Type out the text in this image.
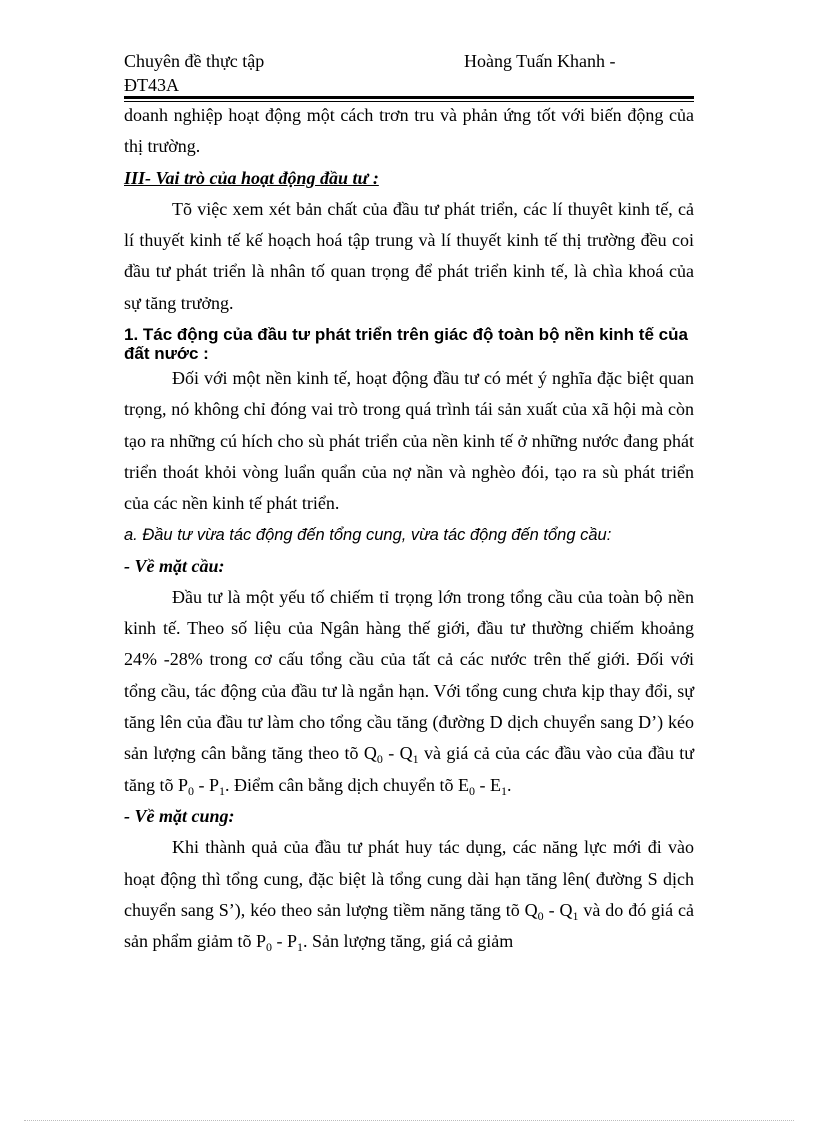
Chuyên đề thực tập	Hoàng Tuấn Khanh -
ĐT43A

doanh nghiệp hoạt động một cách trơn tru và phản ứng tốt với biến động của thị trường.

III- Vai trò của hoạt động đầu tư :

Tõ việc xem xét bản chất của đầu tư phát triển, các lí thuyêt kinh tế, cả lí thuyết kinh tế kế hoạch hoá tập trung và lí thuyết kinh tế thị trường đều coi đầu tư phát triển là nhân tố quan trọng để phát triển kinh tế, là chìa khoá của sự tăng trưởng.

1. Tác động của đầu tư phát triển trên giác độ toàn bộ nền kinh tế của đất nước :

Đối với một nền kinh tế, hoạt động đầu tư có mét ý nghĩa đặc biệt quan trọng, nó không chỉ đóng vai trò trong quá trình tái sản xuất của xã hội mà còn tạo ra những cú hích cho sù phát triển của nền kinh tế ở những nước đang phát triển thoát khỏi vòng luẩn quẩn của nợ nần và nghèo đói, tạo ra sù phát triển của các nền kinh tế phát triển.

a. Đầu tư vừa tác động đến tổng cung, vừa tác động đến tổng cầu:

- Về mặt cầu:

Đầu tư là một yếu tố chiếm tỉ trọng lớn trong tổng cầu của toàn bộ nền kinh tế. Theo số liệu của Ngân hàng thế giới, đầu tư thường chiếm khoảng 24% -28% trong cơ cấu tổng cầu của tất cả các nước trên thế giới. Đối với tổng cầu, tác động của đầu tư là ngắn hạn. Với tổng cung chưa kịp thay đổi, sự tăng lên của đầu tư làm cho tổng cầu tăng (đường D dịch chuyển sang D’) kéo sản lượng cân bằng tăng theo tõ $Q_0 - Q_1$ và giá cả của các đầu vào của đầu tư tăng tõ $P_0 - P_1$. Điểm cân bằng dịch chuyển tõ $E_0 - E_1$.

- Về mặt cung:

Khi thành quả của đầu tư phát huy tác dụng, các năng lực mới đi vào hoạt động thì tổng cung, đặc biệt là tổng cung dài hạn tăng lên( đường S dịch chuyển sang S’), kéo theo sản lượng tiềm năng tăng tõ $Q_0 - Q_1$ và do đó giá cả sản phẩm giảm tõ $P_0 - P_1$. Sản lượng tăng, giá cả giảm
